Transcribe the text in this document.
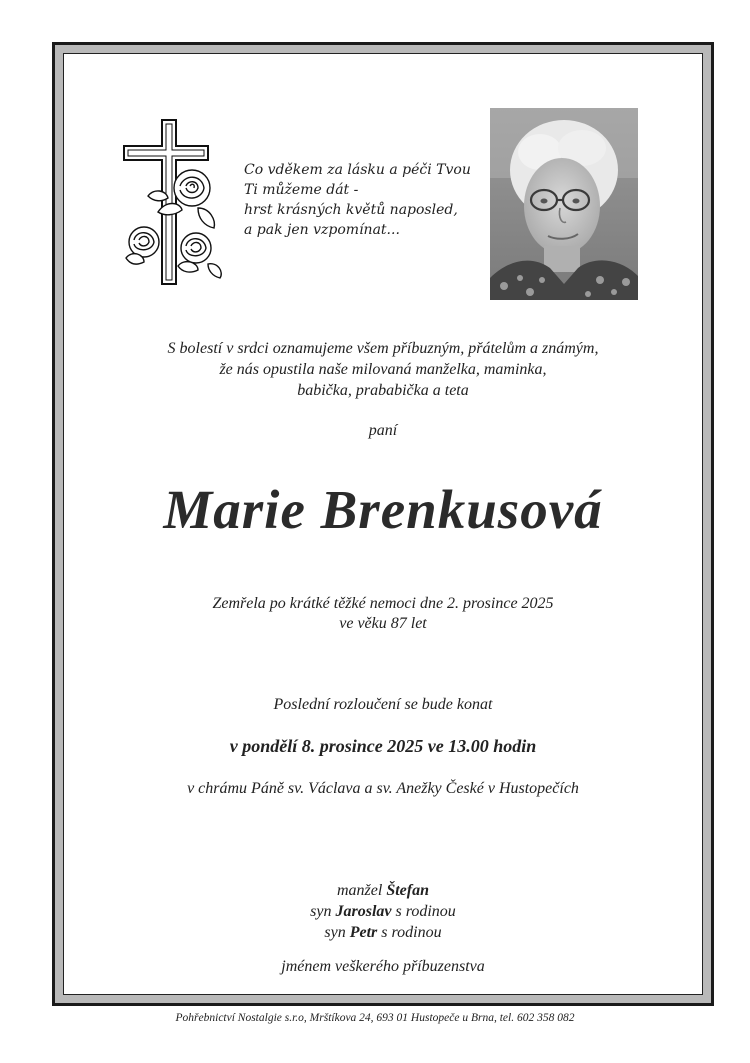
Co vděkem za lásku a péči Tvou
Ti můžeme dát -
hrst krásných květů naposled,
a pak jen vzpomínat...
S bolestí v srdci oznamujeme všem příbuzným, přátelům a známým,
že nás opustila naše milovaná manželka, maminka,
babička, prababička a teta
paní
Marie Brenkusová
Zemřela po krátké těžké nemoci dne 2. prosince 2025
ve věku 87 let
Poslední rozloučení se bude konat
v pondělí 8. prosince 2025 ve 13.00 hodin
v chrámu Páně sv. Václava a sv. Anežky České v Hustopečích
manžel Štefan
syn Jaroslav s rodinou
syn Petr s rodinou
jménem veškerého příbuzenstva
Pohřebnictví Nostalgie s.r.o, Mrštíkova 24, 693 01 Hustopeče u Brna, tel. 602 358 082
